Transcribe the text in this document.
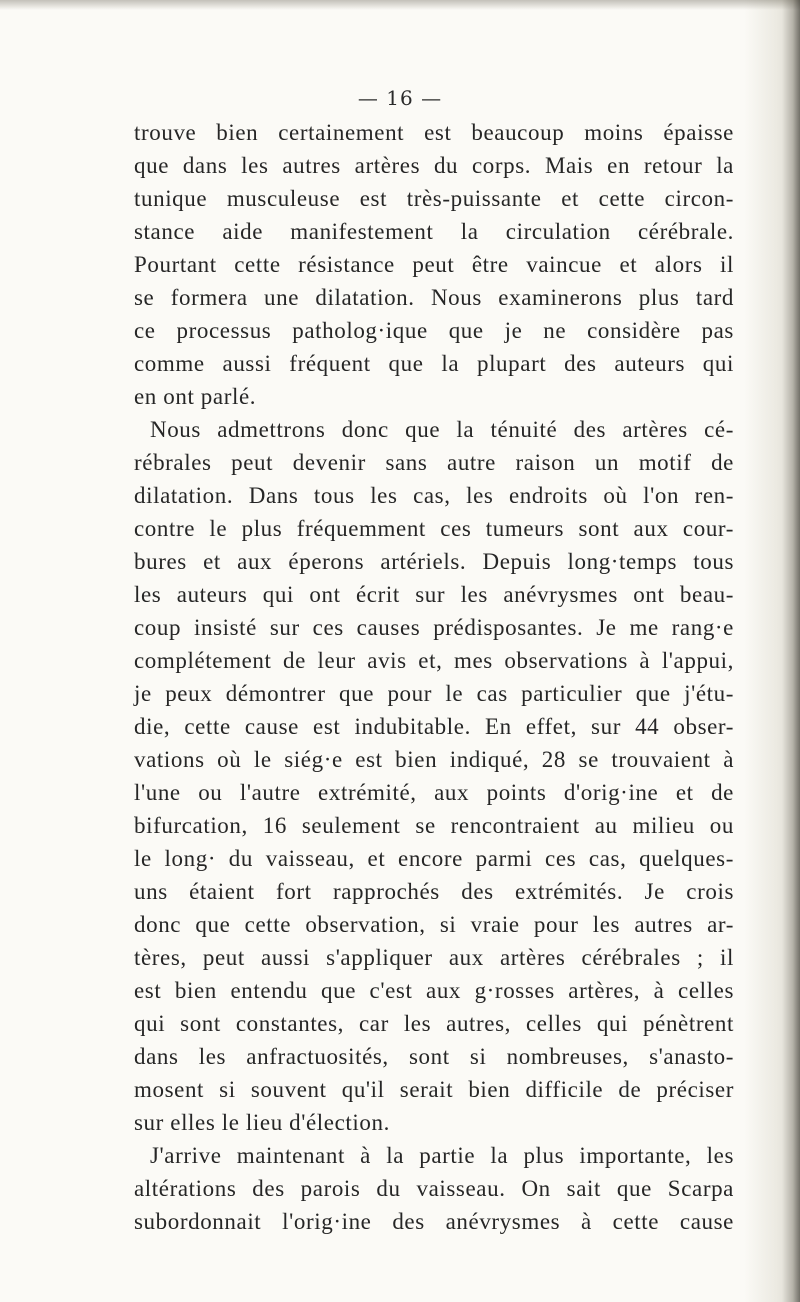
— 16 —
trouve bien certainement est beaucoup moins épaisse
que dans les autres artères du corps. Mais en retour la
tunique musculeuse est très-puissante et cette circon-
stance aide manifestement la circulation cérébrale.
Pourtant cette résistance peut être vaincue et alors il
se formera une dilatation. Nous examinerons plus tard
ce processus patholog·ique que je ne considère pas
comme aussi fréquent que la plupart des auteurs qui
en ont parlé.
Nous admettrons donc que la ténuité des artères cé-
rébrales peut devenir sans autre raison un motif de
dilatation. Dans tous les cas, les endroits où l'on ren-
contre le plus fréquemment ces tumeurs sont aux cour-
bures et aux éperons artériels. Depuis long·temps tous
les auteurs qui ont écrit sur les anévrysmes ont beau-
coup insisté sur ces causes prédisposantes. Je me rang·e
complétement de leur avis et, mes observations à l'appui,
je peux démontrer que pour le cas particulier que j'étu-
die, cette cause est indubitable. En effet, sur 44 obser-
vations où le siég·e est bien indiqué, 28 se trouvaient à
l'une ou l'autre extrémité, aux points d'orig·ine et de
bifurcation, 16 seulement se rencontraient au milieu ou
le long· du vaisseau, et encore parmi ces cas, quelques-
uns étaient fort rapprochés des extrémités. Je crois
donc que cette observation, si vraie pour les autres ar-
tères, peut aussi s'appliquer aux artères cérébrales ; il
est bien entendu que c'est aux g·rosses artères, à celles
qui sont constantes, car les autres, celles qui pénètrent
dans les anfractuosités, sont si nombreuses, s'anasto-
mosent si souvent qu'il serait bien difficile de préciser
sur elles le lieu d'élection.
J'arrive maintenant à la partie la plus importante, les
altérations des parois du vaisseau. On sait que Scarpa
subordonnait l'orig·ine des anévrysmes à cette cause
